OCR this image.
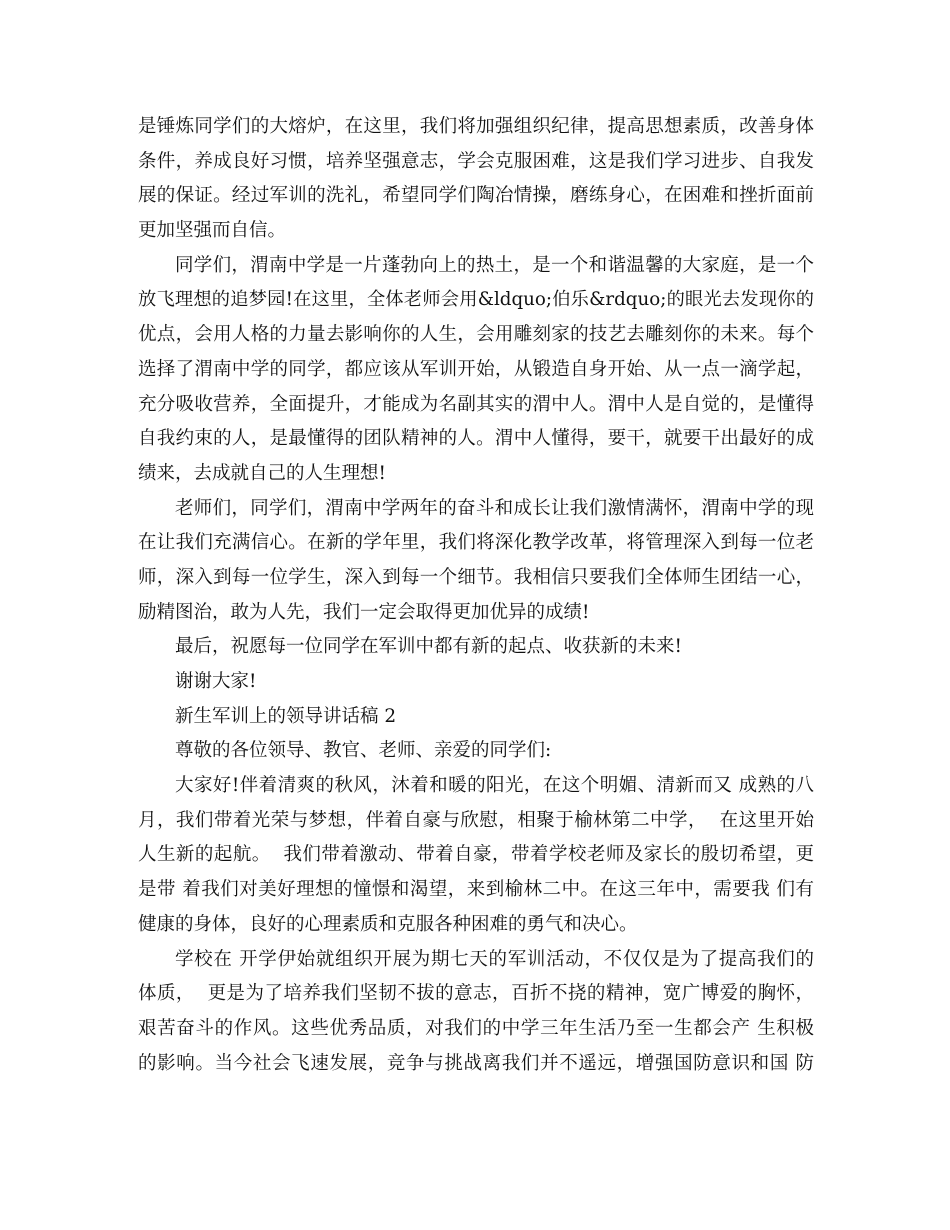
是锤炼同学们的大熔炉，在这里，我们将加强组织纪律，提高思想素质，改善身体
条件，养成良好习惯，培养坚强意志，学会克服困难，这是我们学习进步、自我发
展的保证。经过军训的洗礼，希望同学们陶冶情操，磨练身心，在困难和挫折面前
更加坚强而自信。
同学们，渭南中学是一片蓬勃向上的热土，是一个和谐温馨的大家庭，是一个
放飞理想的追梦园!在这里，全体老师会用&ldquo;伯乐&rdquo;的眼光去发现你的
优点，会用人格的力量去影响你的人生，会用雕刻家的技艺去雕刻你的未来。每个
选择了渭南中学的同学，都应该从军训开始，从锻造自身开始、从一点一滴学起，
充分吸收营养，全面提升，才能成为名副其实的渭中人。渭中人是自觉的，是懂得
自我约束的人，是最懂得的团队精神的人。渭中人懂得，要干，就要干出最好的成
绩来，去成就自己的人生理想!
老师们，同学们，渭南中学两年的奋斗和成长让我们激情满怀，渭南中学的现
在让我们充满信心。在新的学年里，我们将深化教学改革，将管理深入到每一位老
师，深入到每一位学生，深入到每一个细节。我相信只要我们全体师生团结一心，
励精图治，敢为人先，我们一定会取得更加优异的成绩!
最后，祝愿每一位同学在军训中都有新的起点、收获新的未来!
谢谢大家!
新生军训上的领导讲话稿 2
尊敬的各位领导、教官、老师、亲爱的同学们:
大家好!伴着清爽的秋风，沐着和暖的阳光，在这个明媚、清新而又 成熟的八
月，我们带着光荣与梦想，伴着自豪与欣慰，相聚于榆林第二中学，  在这里开始
人生新的起航。  我们带着激动、带着自豪，带着学校老师及家长的殷切希望，更
是带 着我们对美好理想的憧憬和渴望，来到榆林二中。在这三年中，需要我 们有
健康的身体，良好的心理素质和克服各种困难的勇气和决心。
学校在 开学伊始就组织开展为期七天的军训活动，不仅仅是为了提高我们的
体质，  更是为了培养我们坚韧不拔的意志，百折不挠的精神，宽广博爱的胸怀，
艰苦奋斗的作风。这些优秀品质，对我们的中学三年生活乃至一生都会产 生积极
的影响。当今社会飞速发展，竞争与挑战离我们并不遥远，增强国防意识和国 防
